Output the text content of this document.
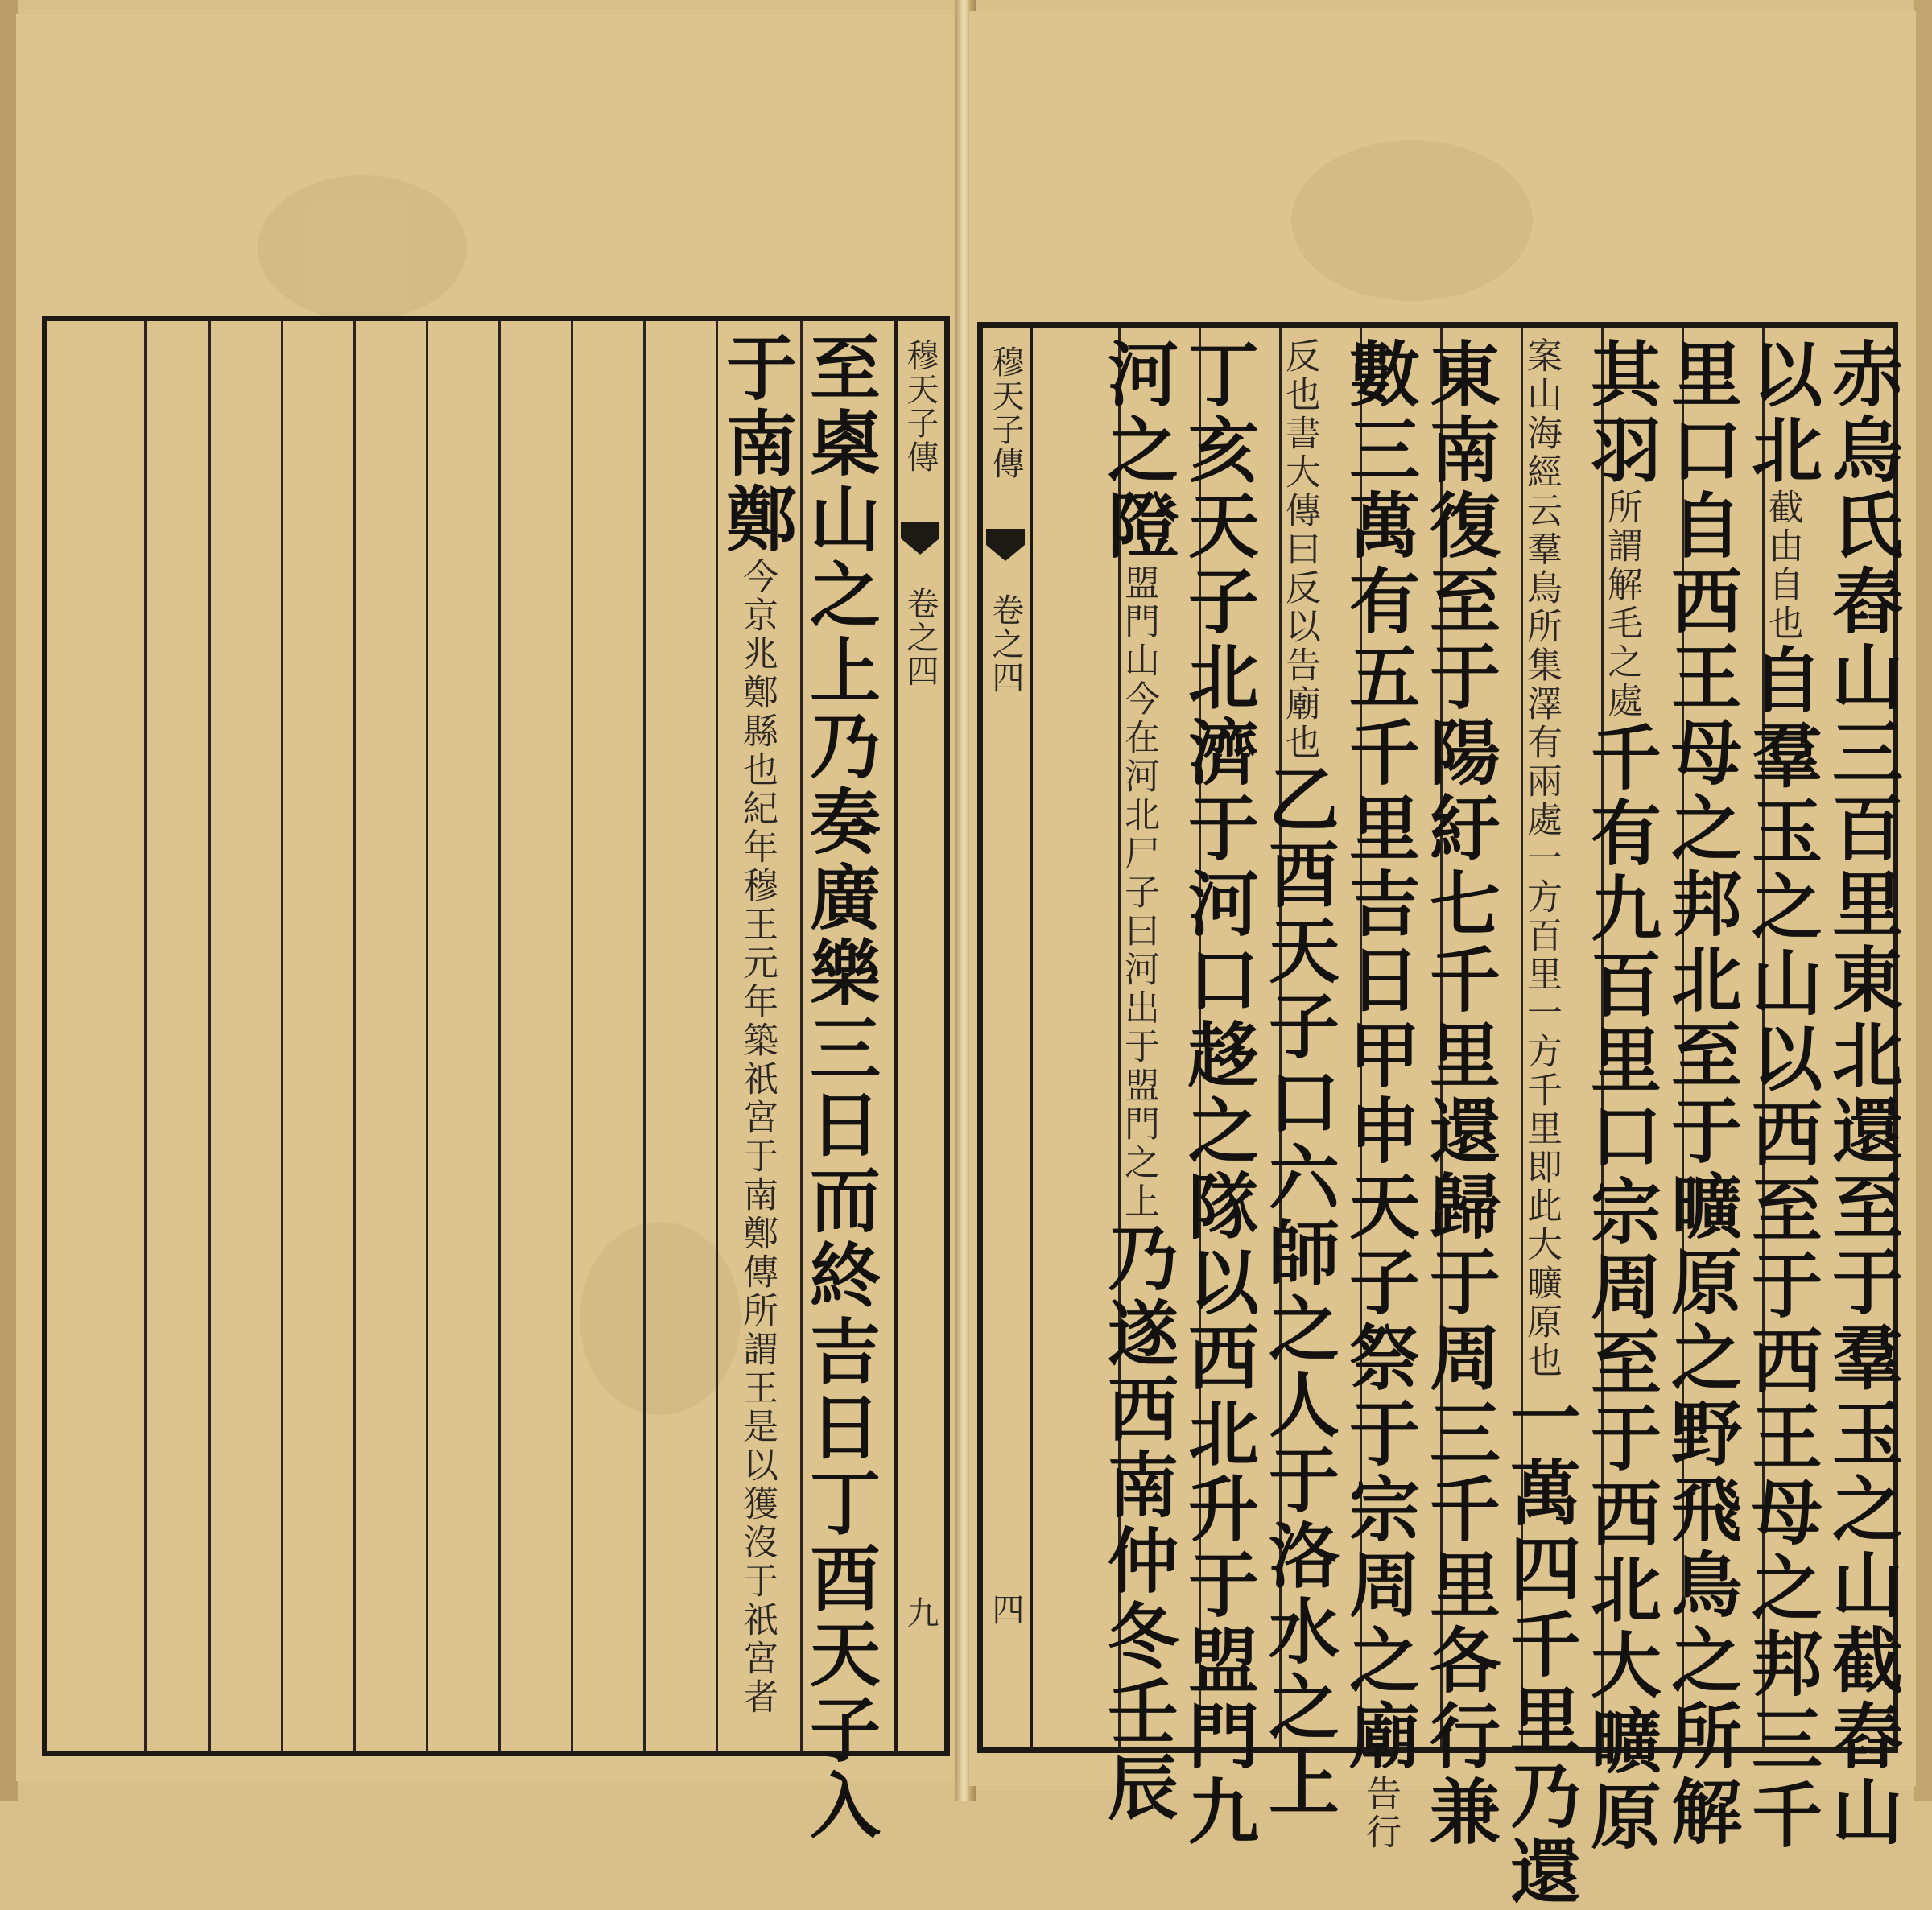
至㮚山之上乃奏廣樂三日而終吉日丁酉天子入
于南鄭今京兆鄭縣也紀年穆王元年築祇宮于南鄭傳所謂王是以獲沒于祇宮者
穆天子傳
卷之四
九
穆天子傳
卷之四
四	赤烏氏舂山三百里東北還至于羣玉之山截舂山
以北截由自也自羣玉之山以西至于西王母之邦三千
里口自西王母之邦北至于曠原之野飛鳥之所解
其羽所謂解毛之處千有九百里口宗周至于西北大曠原
案山海經云羣鳥所集澤有兩處一方百里一方千里即此大曠原也一萬四千里乃還
東南復至于陽紆七千里還歸于周三千里各行兼
數三萬有五千里吉日甲申天子祭于宗周之廟告行
反也書大傳曰反以告廟也乙酉天子口六師之人于洛水之上
丁亥天子北濟于河口趍之隊以西北升于盟門九
河之隥盟門山今在河北尸子曰河出于盟門之上乃遂西南仲冬壬辰
